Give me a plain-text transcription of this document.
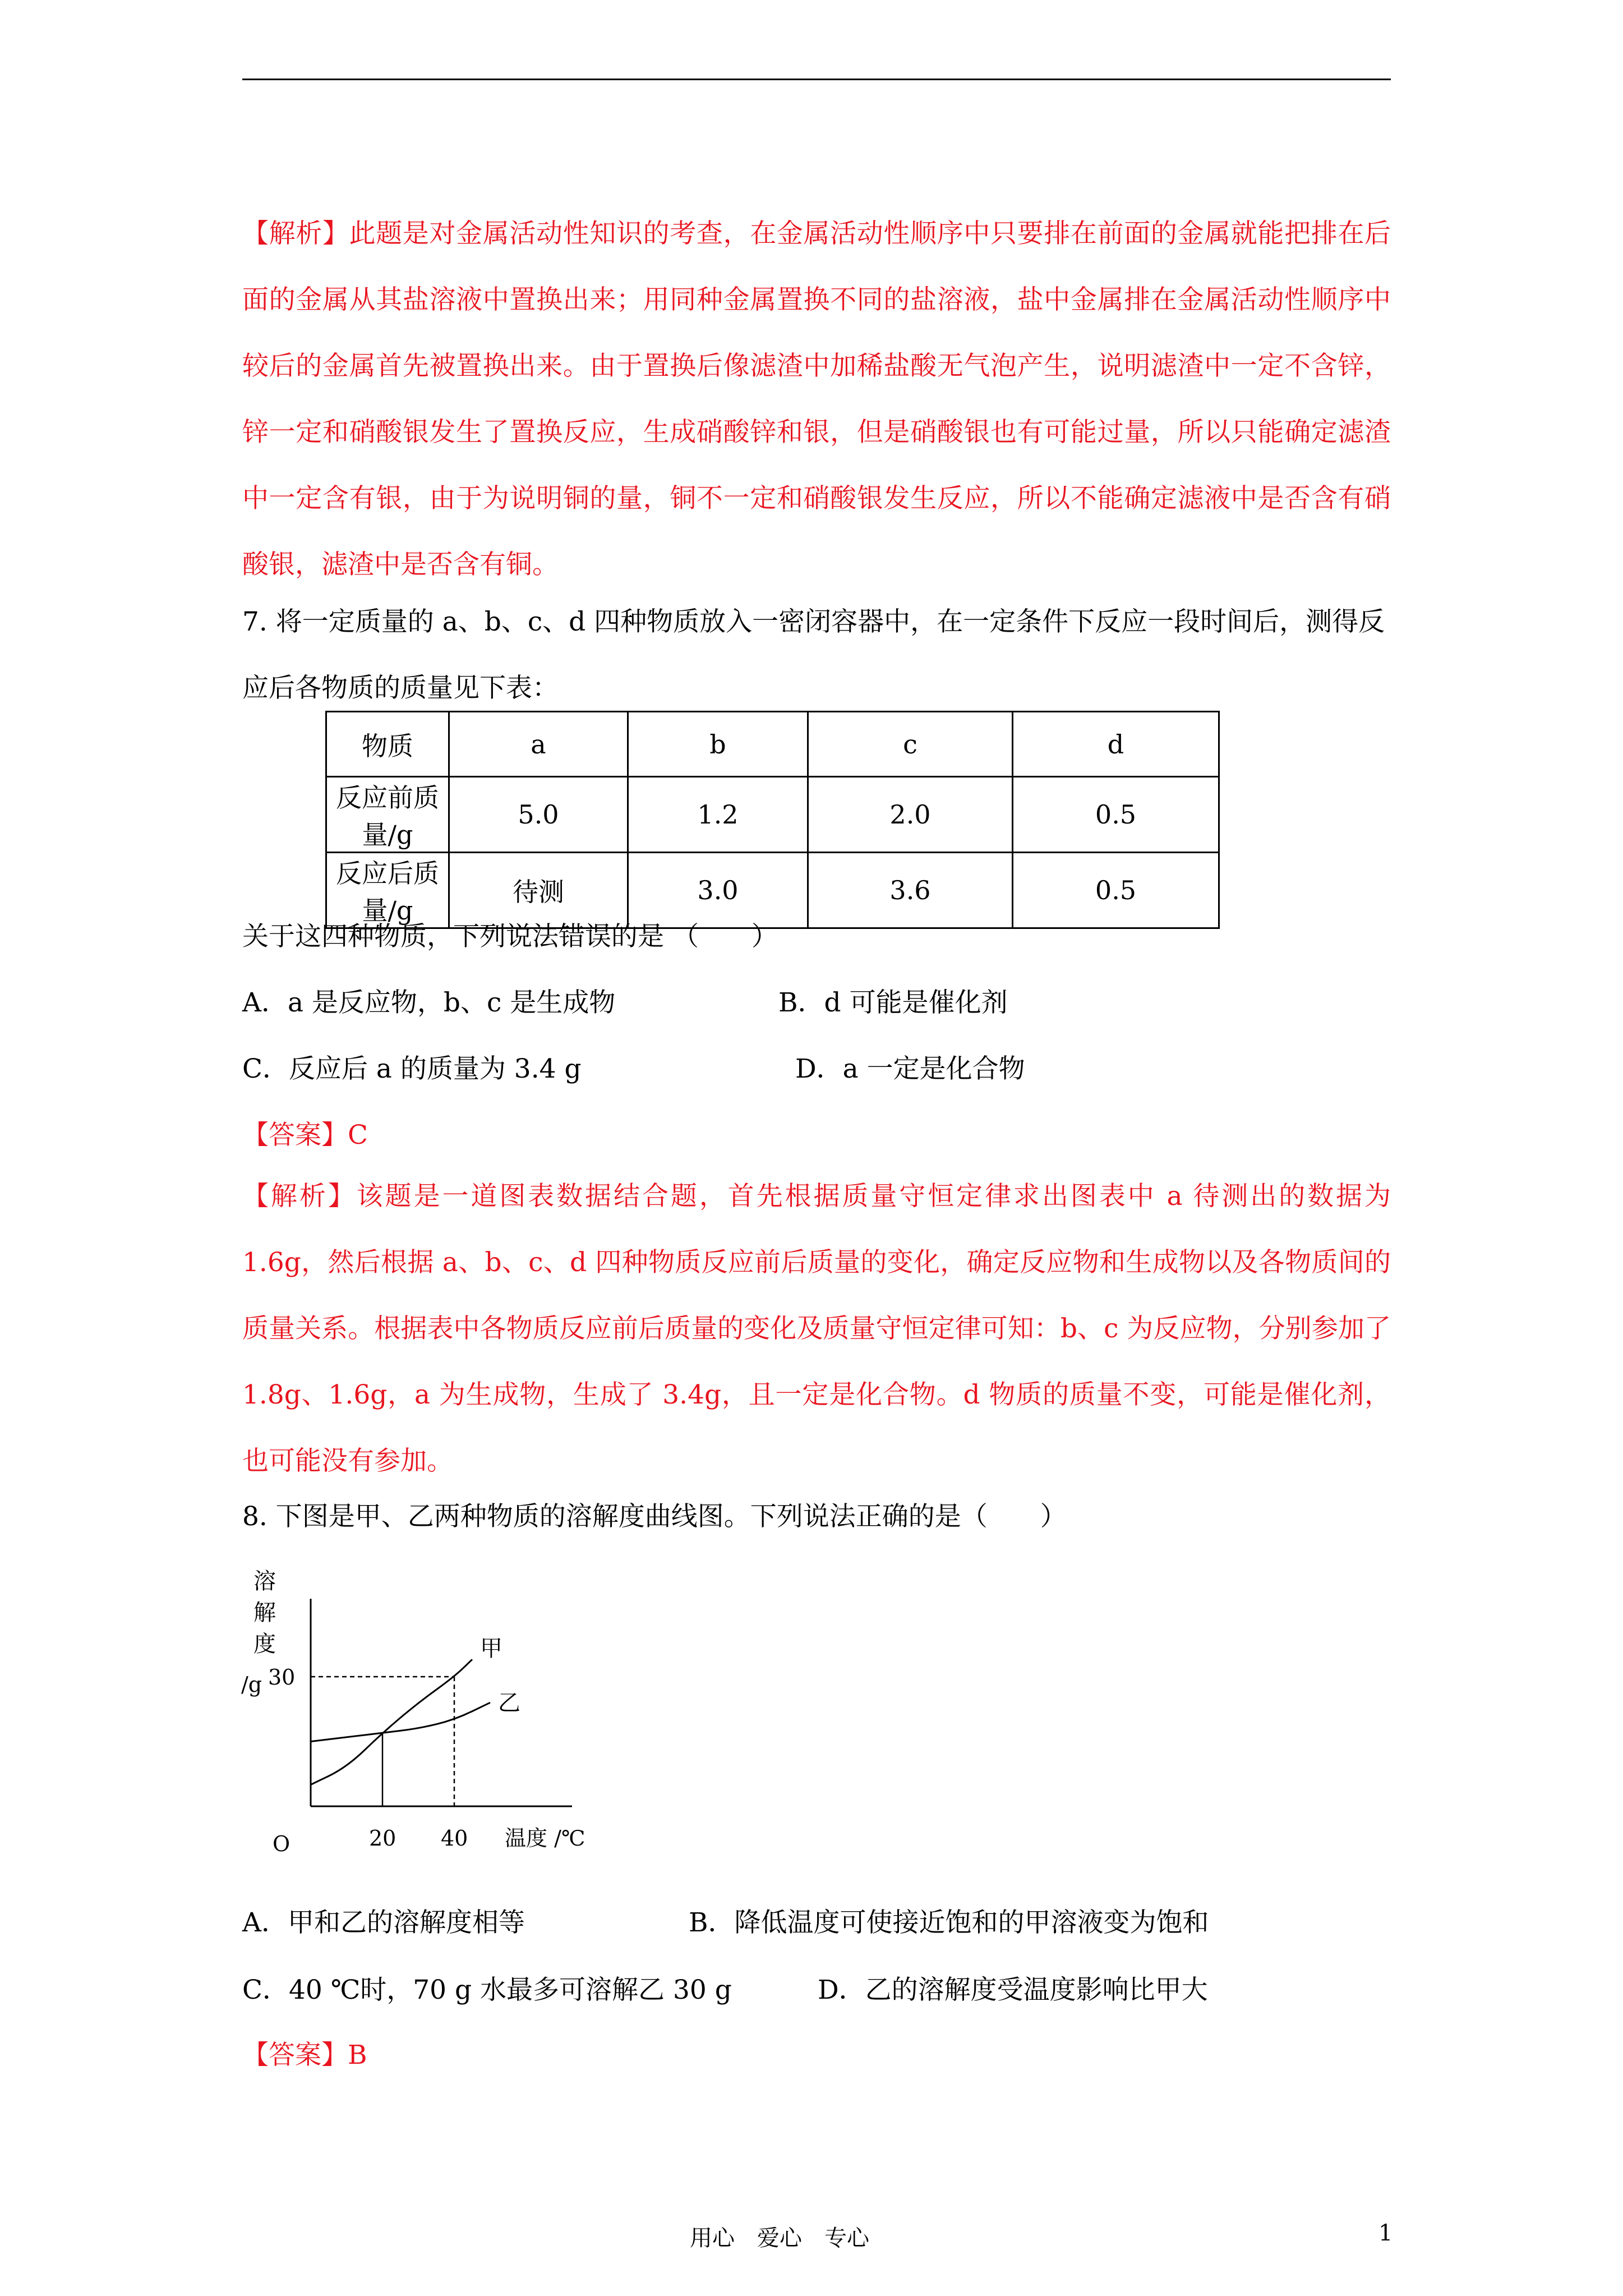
【解析】此题是对金属活动性知识的考查，在金属活动性顺序中只要排在前面的金属就能把排在后面的金属从其盐溶液中置换出来；用同种金属置换不同的盐溶液，盐中金属排在金属活动性顺序中较后的金属首先被置换出来。由于置换后像滤渣中加稀盐酸无气泡产生，说明滤渣中一定不含锌，锌一定和硝酸银发生了置换反应，生成硝酸锌和银，但是硝酸银也有可能过量，所以只能确定滤渣中一定含有银，由于为说明铜的量，铜不一定和硝酸银发生反应，所以不能确定滤液中是否含有硝酸银，滤渣中是否含有铜。
7. 将一定质量的 a、b、c、d 四种物质放入一密闭容器中，在一定条件下反应一段时间后，测得反应后各物质的质量见下表：
物质	a	b	c	d
反应前质量/g	5.0	1.2	2.0	0.5
反应后质量/g	待测	3.0	3.6	0.5
关于这四种物质，下列说法错误的是 （　　）
A．a 是反应物，b、c 是生成物	B．d 可能是催化剂
C．反应后 a 的质量为 3.4 g	D．a 一定是化合物
【答案】C
【解析】该题是一道图表数据结合题，首先根据质量守恒定律求出图表中 a 待测出的数据为 1.6g，然后根据 a、b、c、d 四种物质反应前后质量的变化，确定反应物和生成物以及各物质间的质量关系。根据表中各物质反应前后质量的变化及质量守恒定律可知：b、c 为反应物，分别参加了 1.8g、1.6g，a 为生成物，生成了 3.4g，且一定是化合物。d 物质的质量不变，可能是催化剂，也可能没有参加。
8. 下图是甲、乙两种物质的溶解度曲线图。下列说法正确的是（　　）
O
溶
解
度
/g 30
20 40 温度 /℃
甲
乙
A．甲和乙的溶解度相等	B．降低温度可使接近饱和的甲溶液变为饱和
C．40 ℃时，70 g 水最多可溶解乙 30 g	D．乙的溶解度受温度影响比甲大
【答案】B
用心　爱心　专心	1
